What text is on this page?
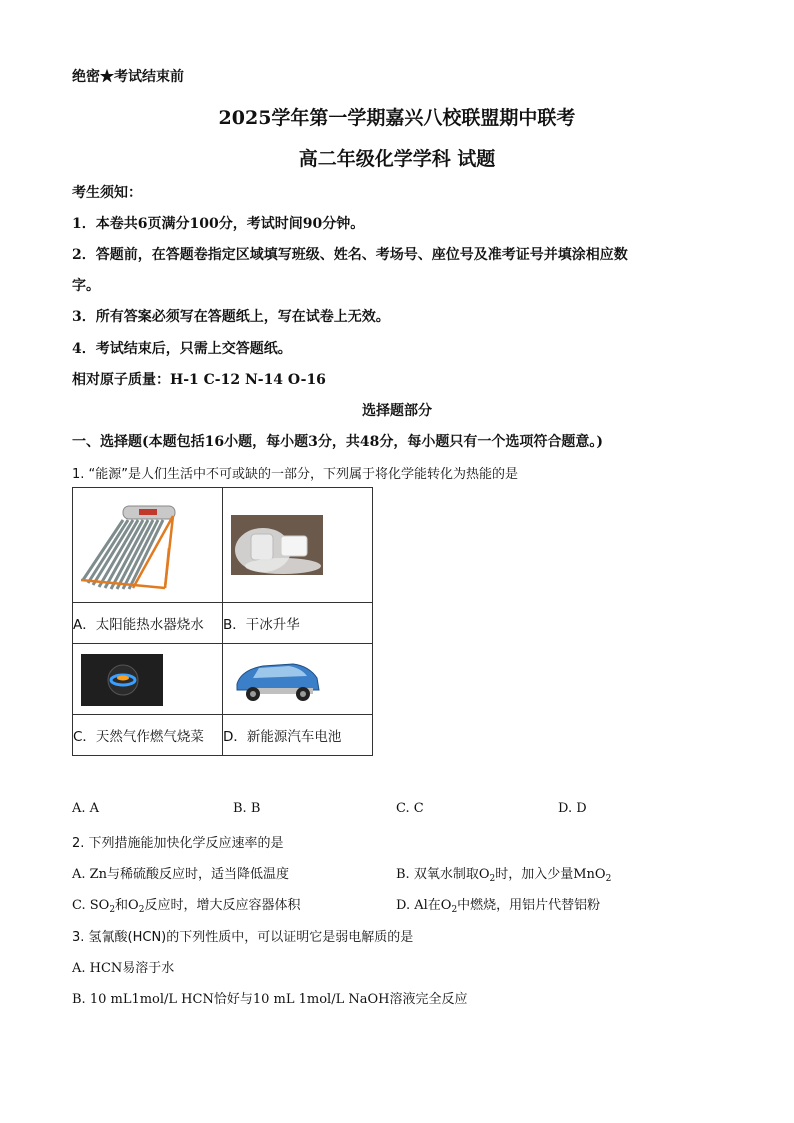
绝密★考试结束前
2025学年第一学期嘉兴八校联盟期中联考
高二年级化学学科 试题
考生须知：
1．本卷共6页满分100分，考试时间90分钟。
2．答题前，在答题卷指定区域填写班级、姓名、考场号、座位号及准考证号并填涂相应数
字。
3．所有答案必须写在答题纸上，写在试卷上无效。
4．考试结束后，只需上交答题纸。
相对原子质量：H-1 C-12 N-14 O-16
选择题部分
一、选择题(本题包括16小题，每小题3分，共48分，每小题只有一个选项符合题意。)
1. “能源”是人们生活中不可或缺的一部分，下列属于将化学能转化为热能的是

A．太阳能热水器烧水	B．干冰升华

C．天然气作燃气烧菜	D．新能源汽车电池
A. A	B. B	C. C	D. D
2. 下列措施能加快化学反应速率的是
A. Zn与稀硫酸反应时，适当降低温度	B. 双氧水制取$O_2$时，加入少量MnO$_2$
C. $SO_2$和$O_2$反应时，增大反应容器体积	D. Al在$O_2$中燃烧，用铝片代替铝粉
3. 氢氰酸(HCN)的下列性质中，可以证明它是弱电解质的是
A. HCN易溶于水
B. 10 mL1mol/L HCN恰好与10 mL 1mol/L NaOH溶液完全反应
